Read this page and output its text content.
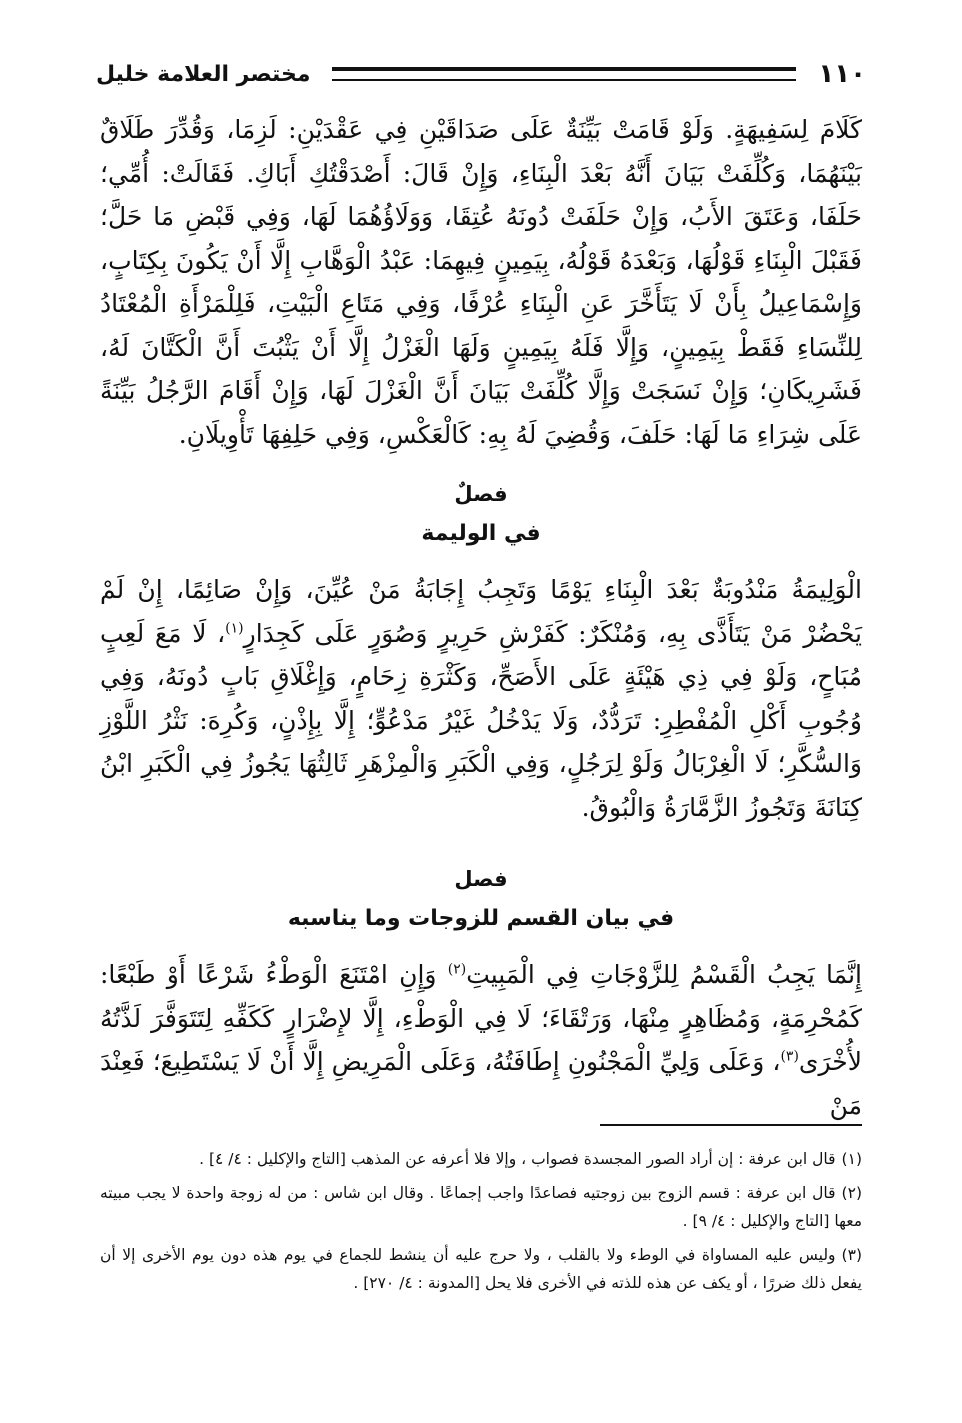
١١٠
مختصر العلامة خليل

كَلَامَ لِسَفِيهَةٍ. وَلَوْ قَامَتْ بَيِّنَةٌ عَلَى صَدَاقَيْنِ فِي عَقْدَيْنِ: لَزِمَا، وَقُدِّرَ طَلَاقٌ بَيْنَهُمَا، وَكُلِّفَتْ بَيَانَ أَنَّهُ بَعْدَ الْبِنَاءِ، وَإِنْ قَالَ: أَصْدَقْتُكِ أَبَاكِ. فَقَالَتْ: أُمِّي؛ حَلَفَا، وَعَتَقَ الأَبُ، وَإِنْ حَلَفَتْ دُونَهُ عُتِقَا، وَوَلَاؤُهُمَا لَهَا، وَفِي قَبْضِ مَا حَلَّ؛ فَقَبْلَ الْبِنَاءِ قَوْلُهَا، وَبَعْدَهُ قَوْلُهُ، بِيَمِينٍ فِيهِمَا: عَبْدُ الْوَهَّابِ إِلَّا أَنْ يَكُونَ بِكِتَابٍ، وَإِسْمَاعِيلُ بِأَنْ لَا يَتَأَخَّرَ عَنِ الْبِنَاءِ عُرْفًا، وَفِي مَتَاعِ الْبَيْتِ، فَلِلْمَرْأَةِ الْمُعْتَادُ لِلنِّسَاءِ فَقَطْ بِيَمِينٍ، وَإِلَّا فَلَهُ بِيَمِينٍ وَلَهَا الْغَزْلُ إِلَّا أَنْ يَثْبُتَ أَنَّ الْكَتَّانَ لَهُ، فَشَرِيكَانِ؛ وَإِنْ نَسَجَتْ وَإِلَّا كُلِّفَتْ بَيَانَ أَنَّ الْغَزْلَ لَهَا، وَإِنْ أَقَامَ الرَّجُلُ بَيِّنَةً عَلَى شِرَاءِ مَا لَهَا: حَلَفَ، وَقُضِيَ لَهُ بِهِ: كَالْعَكْسِ، وَفِي حَلِفِهَا تَأْوِيلَانِ.

فصلٌ
في الوليمة

الْوَلِيمَةُ مَنْدُوبَةٌ بَعْدَ الْبِنَاءِ يَوْمًا وَتَجِبُ إِجَابَةُ مَنْ عُيِّنَ، وَإِنْ صَائِمًا، إِنْ لَمْ يَحْضُرْ مَنْ يَتَأَذَّى بِهِ، وَمُنْكَرٌ: كَفَرْشِ حَرِيرٍ وَصُوَرٍ عَلَى كَجِدَارٍ$^{(١)}$، لَا مَعَ لَعِبٍ مُبَاحٍ، وَلَوْ فِي ذِي هَيْئَةٍ عَلَى الأَصَحِّ، وَكَثْرَةِ زِحَامٍ، وَإِغْلَاقِ بَابٍ دُونَهُ، وَفِي وُجُوبِ أَكْلِ الْمُفْطِرِ: تَرَدُّدٌ، وَلَا يَدْخُلُ غَيْرُ مَدْعُوٍّ؛ إِلَّا بِإِذْنٍ، وَكُرِهَ: نَثْرُ اللَّوْزِ وَالسُّكَّرِ؛ لَا الْغِرْبَالُ وَلَوْ لِرَجُلٍ، وَفِي الْكَبَرِ وَالْمِزْهَرِ ثَالِثُهَا يَجُوزُ فِي الْكَبَرِ ابْنُ كِنَانَةَ وَتَجُوزُ الزَّمَّارَةُ وَالْبُوقُ.

فصل
في بيان القسم للزوجات وما يناسبه

إِنَّمَا يَجِبُ الْقَسْمُ لِلزَّوْجَاتِ فِي الْمَبِيتِ$^{(٢)}$ وَإِنِ امْتَنَعَ الْوَطْءُ شَرْعًا أَوْ طَبْعًا: كَمُحْرِمَةٍ، وَمُظَاهِرٍ مِنْهَا، وَرَتْقَاءَ؛ لَا فِي الْوَطْءِ، إِلَّا لإِضْرَارٍ كَكَفِّهِ لِتَتَوَفَّرَ لَذَّتُهُ لأُخْرَى$^{(٣)}$، وَعَلَى وَلِيِّ الْمَجْنُونِ إِطَافَتُهُ، وَعَلَى الْمَرِيضِ إِلَّا أَنْ لَا يَسْتَطِيعَ؛ فَعِنْدَ مَنْ

(١)قال ابن عرفة : إن أراد الصور المجسدة فصواب ، وإلا فلا أعرفه عن المذهب [التاج والإكليل : ٤/ ٤] .

(٢)قال ابن عرفة : قسم الزوج بين زوجتيه فصاعدًا واجب إجماعًا . وقال ابن شاس : من له زوجة واحدة لا يجب مبيته معها [التاج والإكليل : ٤/ ٩] .

(٣)وليس عليه المساواة في الوطء ولا بالقلب ، ولا حرج عليه أن ينشط للجماع في يوم هذه دون يوم الأخرى إلا أن يفعل ذلك ضررًا ، أو يكف عن هذه للذته في الأخرى فلا يحل [المدونة : ٤/ ٢٧٠] .
